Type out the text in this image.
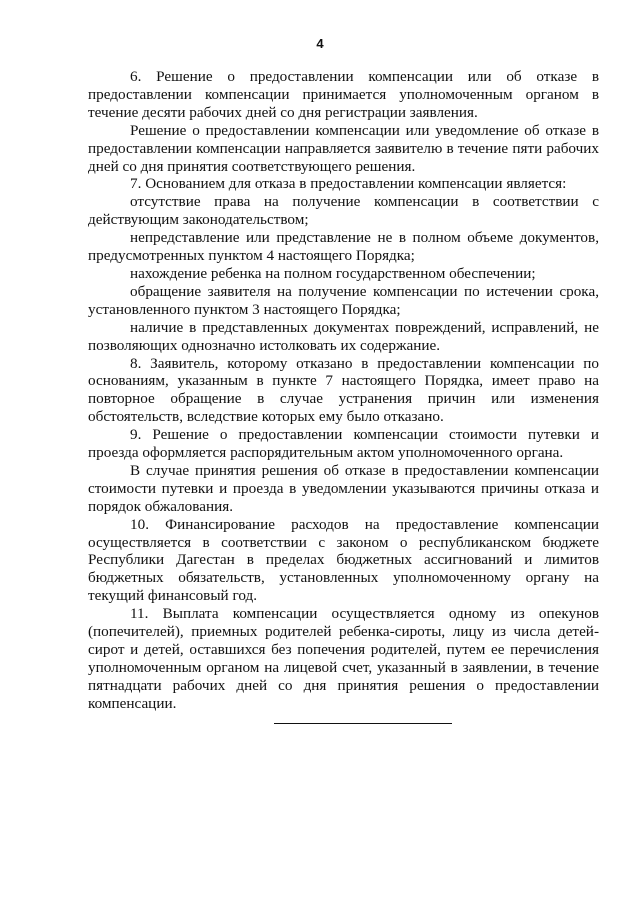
4

6. Решение о предоставлении компенсации или об отказе в предоставлении компенсации принимается уполномоченным органом в течение десяти рабочих дней со дня регистрации заявления.

Решение о предоставлении компенсации или уведомление об отказе в предоставлении компенсации направляется заявителю в течение пяти рабочих дней со дня принятия соответствующего решения.

7. Основанием для отказа в предоставлении компенсации является:

отсутствие права на получение компенсации в соответствии с действующим законодательством;

непредставление или представление не в полном объеме документов, предусмотренных пунктом 4 настоящего Порядка;

нахождение ребенка на полном государственном обеспечении;

обращение заявителя на получение компенсации по истечении срока, установленного пунктом 3 настоящего Порядка;

наличие в представленных документах повреждений, исправлений, не позволяющих однозначно истолковать их содержание.

8. Заявитель, которому отказано в предоставлении компенсации по основаниям, указанным в пункте 7 настоящего Порядка, имеет право на повторное обращение в случае устранения причин или изменения обстоятельств, вследствие которых ему было отказано.

9. Решение о предоставлении компенсации стоимости путевки и проезда оформляется распорядительным актом уполномоченного органа.

В случае принятия решения об отказе в предоставлении компенсации стоимости путевки и проезда в уведомлении указываются причины отказа и порядок обжалования.

10. Финансирование расходов на предоставление компенсации осуществляется в соответствии с законом о республиканском бюджете Республики Дагестан в пределах бюджетных ассигнований и лимитов бюджетных обязательств, установленных уполномоченному органу на текущий финансовый год.

11. Выплата компенсации осуществляется одному из опекунов (попечителей), приемных родителей ребенка-сироты, лицу из числа детей-сирот и детей, оставшихся без попечения родителей, путем ее перечисления уполномоченным органом на лицевой счет, указанный в заявлении, в течение пятнадцати рабочих дней со дня принятия решения о предоставлении компенсации.
